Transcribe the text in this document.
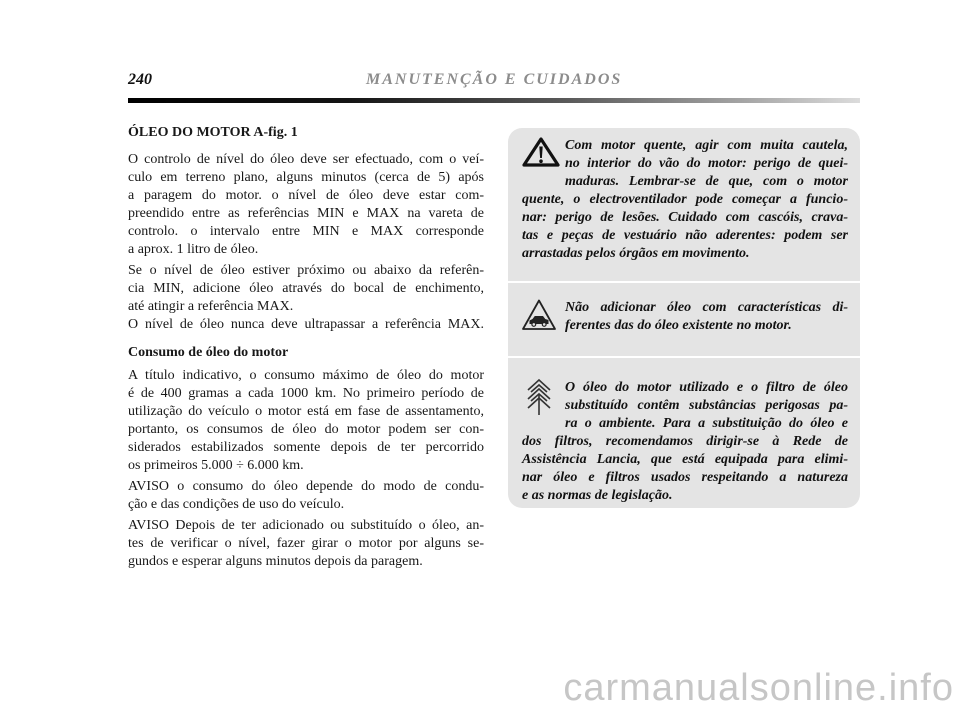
240	MANUTENÇÃO E CUIDADOS
ÓLEO DO MOTOR A-fig. 1
O controlo de nível do óleo deve ser efectuado, com o veí-
culo em terreno plano, alguns minutos (cerca de 5) após
a paragem do motor. o nível de óleo deve estar com-
preendido entre as referências MIN e MAX na vareta de
controlo. o intervalo entre MIN e MAX corresponde
a aprox. 1 litro de óleo.
Se o nível de óleo estiver próximo ou abaixo da referên-
cia MIN, adicione óleo através do bocal de enchimento,
até atingir a referência MAX.
O nível de óleo nunca deve ultrapassar a referência MAX.
Consumo de óleo do motor
A título indicativo, o consumo máximo de óleo do motor
é de 400 gramas a cada 1000 km. No primeiro período de
utilização do veículo o motor está em fase de assentamento,
portanto, os consumos de óleo do motor podem ser con-
siderados estabilizados somente depois de ter percorrido
os primeiros 5.000 ÷ 6.000 km.
AVISO o consumo do óleo depende do modo de condu-
ção e das condições de uso do veículo.
AVISO Depois de ter adicionado ou substituído o óleo, an-
tes de verificar o nível, fazer girar o motor por alguns se-
gundos e esperar alguns minutos depois da paragem.
Com motor quente, agir com muita cautela,
no interior do vão do motor: perigo de quei-
maduras. Lembrar-se de que, com o motor
quente, o electroventilador pode começar a funcio-
nar: perigo de lesões. Cuidado com cascóis, crava-
tas e peças de vestuário não aderentes: podem ser
arrastadas pelos órgãos em movimento.
Não adicionar óleo com características di-
ferentes das do óleo existente no motor.
O óleo do motor utilizado e o filtro de óleo
substituído contêm substâncias perigosas pa-
ra o ambiente. Para a substituição do óleo e
dos filtros, recomendamos dirigir-se à Rede de
Assistência Lancia, que está equipada para elimi-
nar óleo e filtros usados respeitando a natureza
e as normas de legislação.
carmanualsonline.info
